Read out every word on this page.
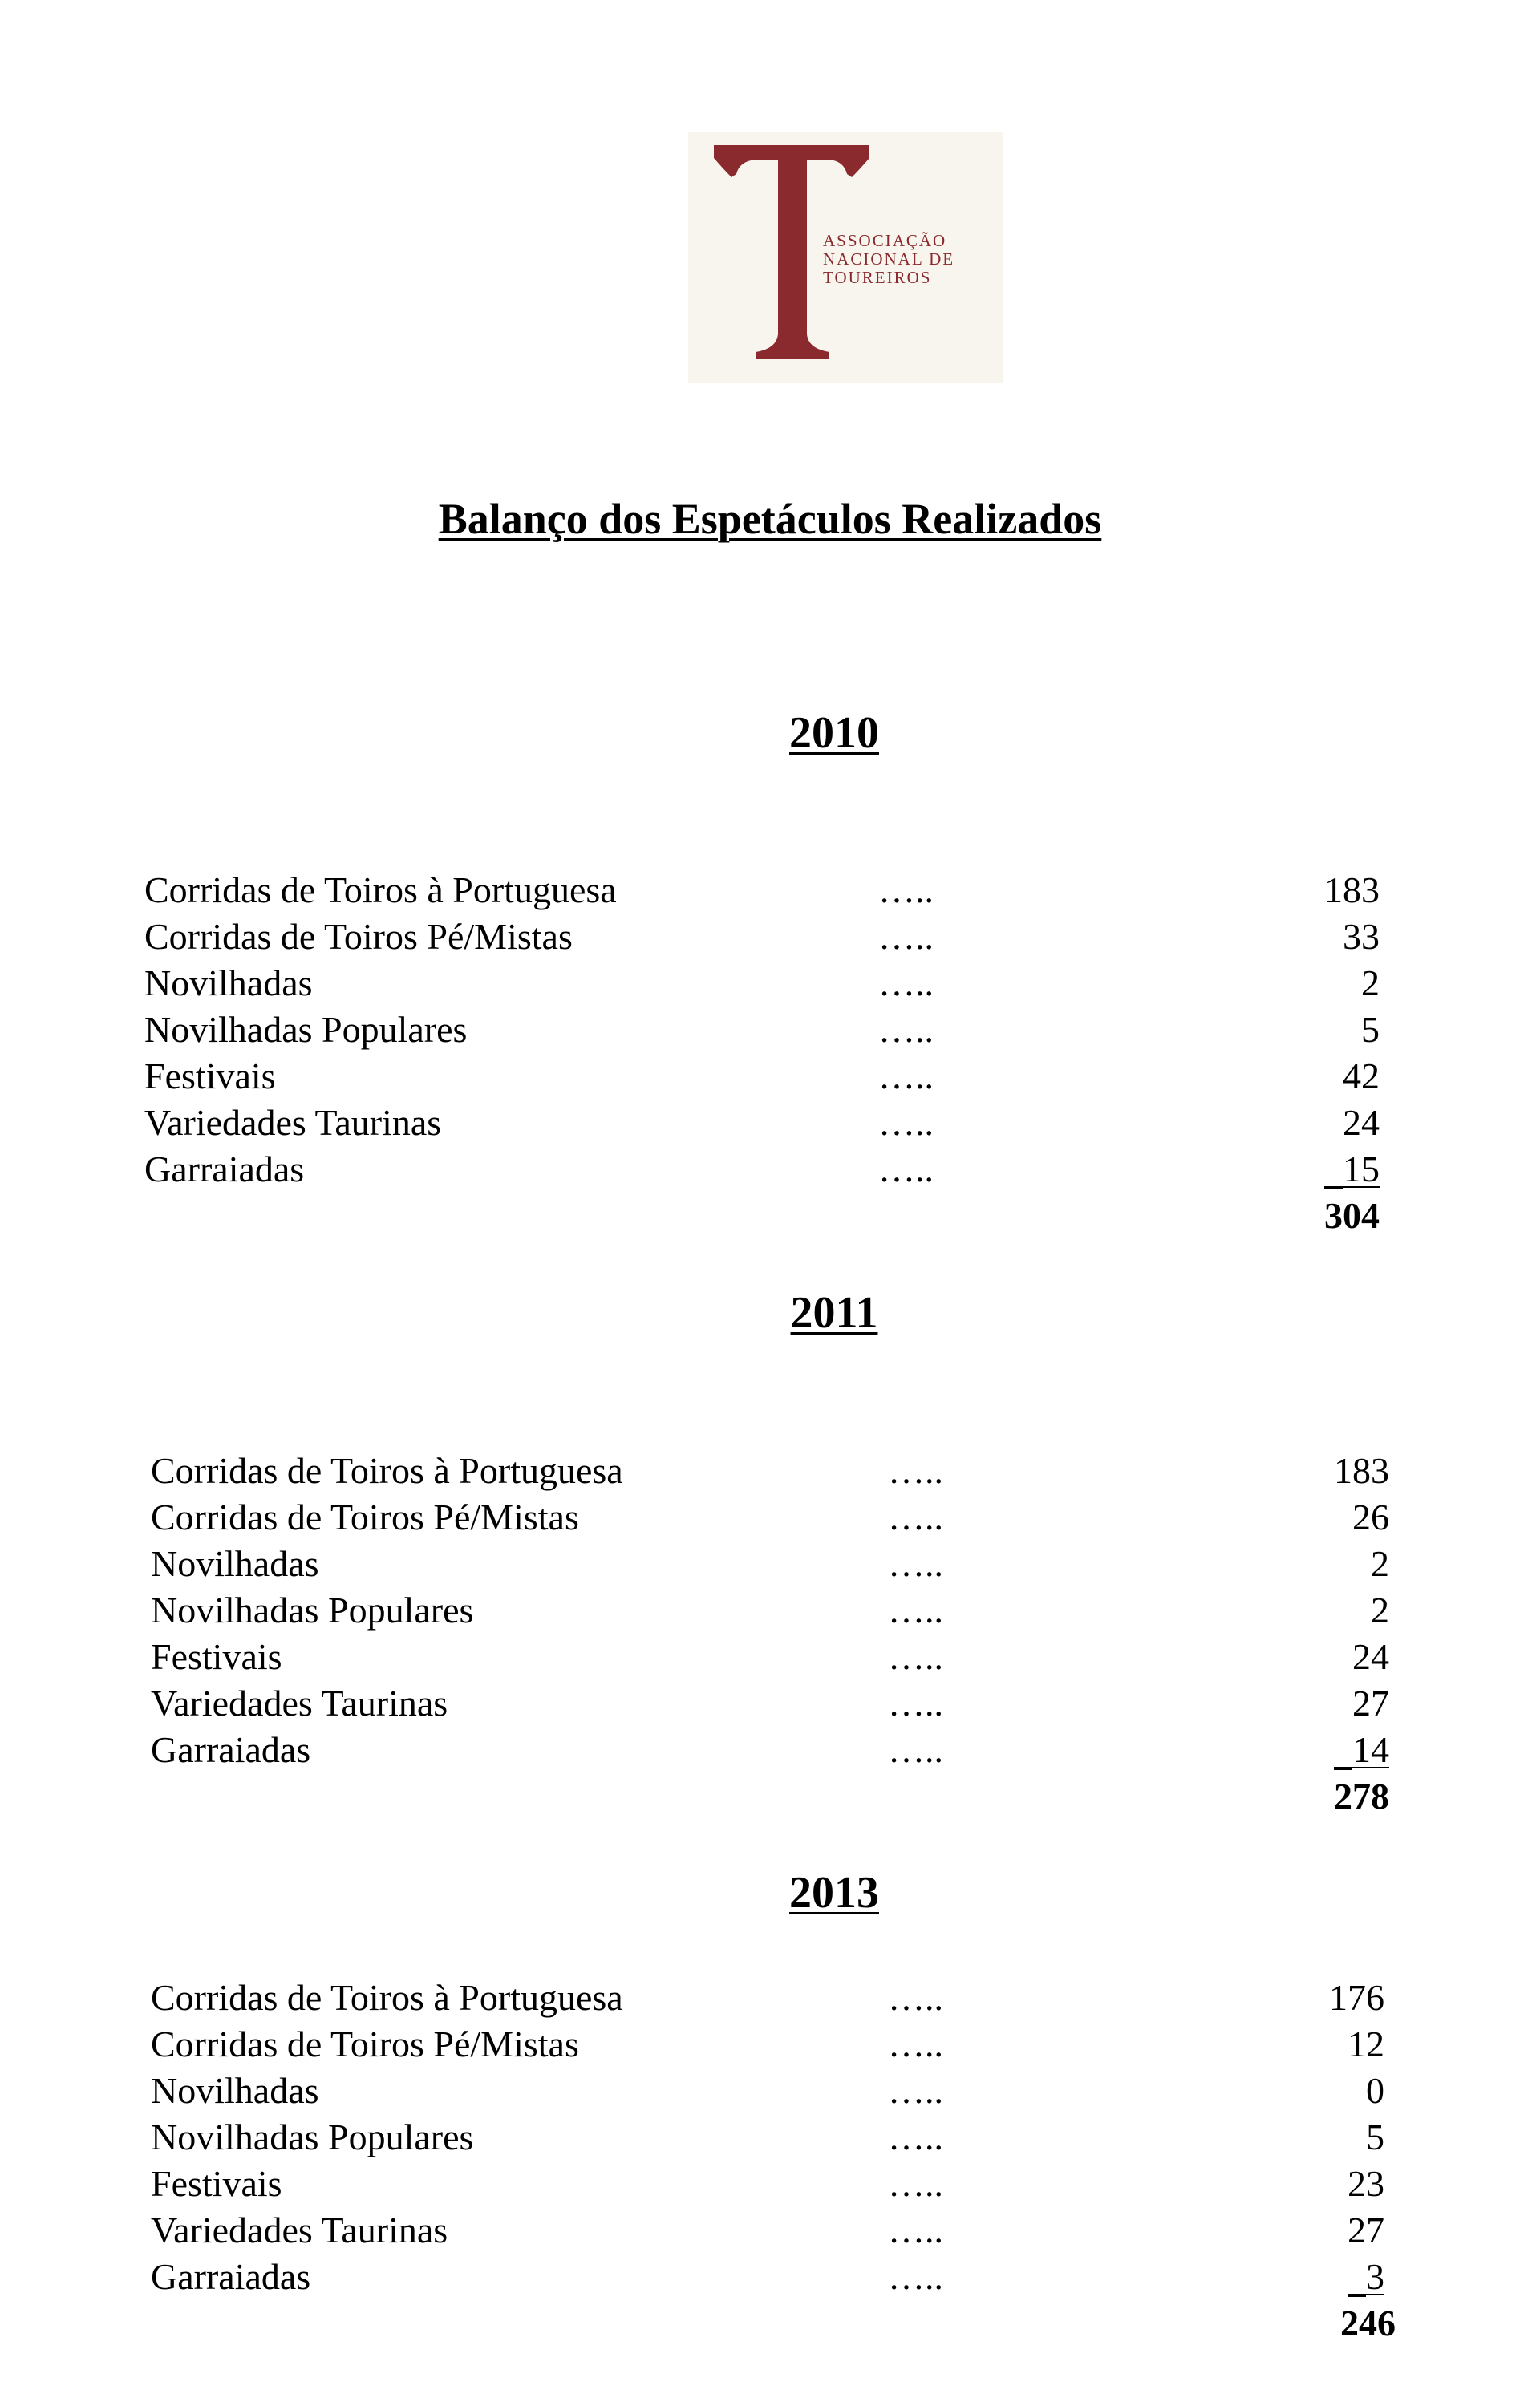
ASSOCIAÇÃO
NACIONAL DE
TOUREIROS
Balanço dos Espetáculos Realizados
2010
Corridas de Toiros à Portuguesa	…..	183
Corridas de Toiros Pé/Mistas	…..	33
Novilhadas	…..	2
Novilhadas Populares	…..	5
Festivais	…..	42
Variedades Taurinas	…..	24
Garraiadas	…..	15
304
2011
Corridas de Toiros à Portuguesa	…..	183
Corridas de Toiros Pé/Mistas	…..	26
Novilhadas	…..	2
Novilhadas Populares	…..	2
Festivais	…..	24
Variedades Taurinas	…..	27
Garraiadas	…..	14
278
2013
Corridas de Toiros à Portuguesa	…..	176
Corridas de Toiros Pé/Mistas	…..	12
Novilhadas	…..	0
Novilhadas Populares	…..	5
Festivais	…..	23
Variedades Taurinas	…..	27
Garraiadas	…..	3
246
